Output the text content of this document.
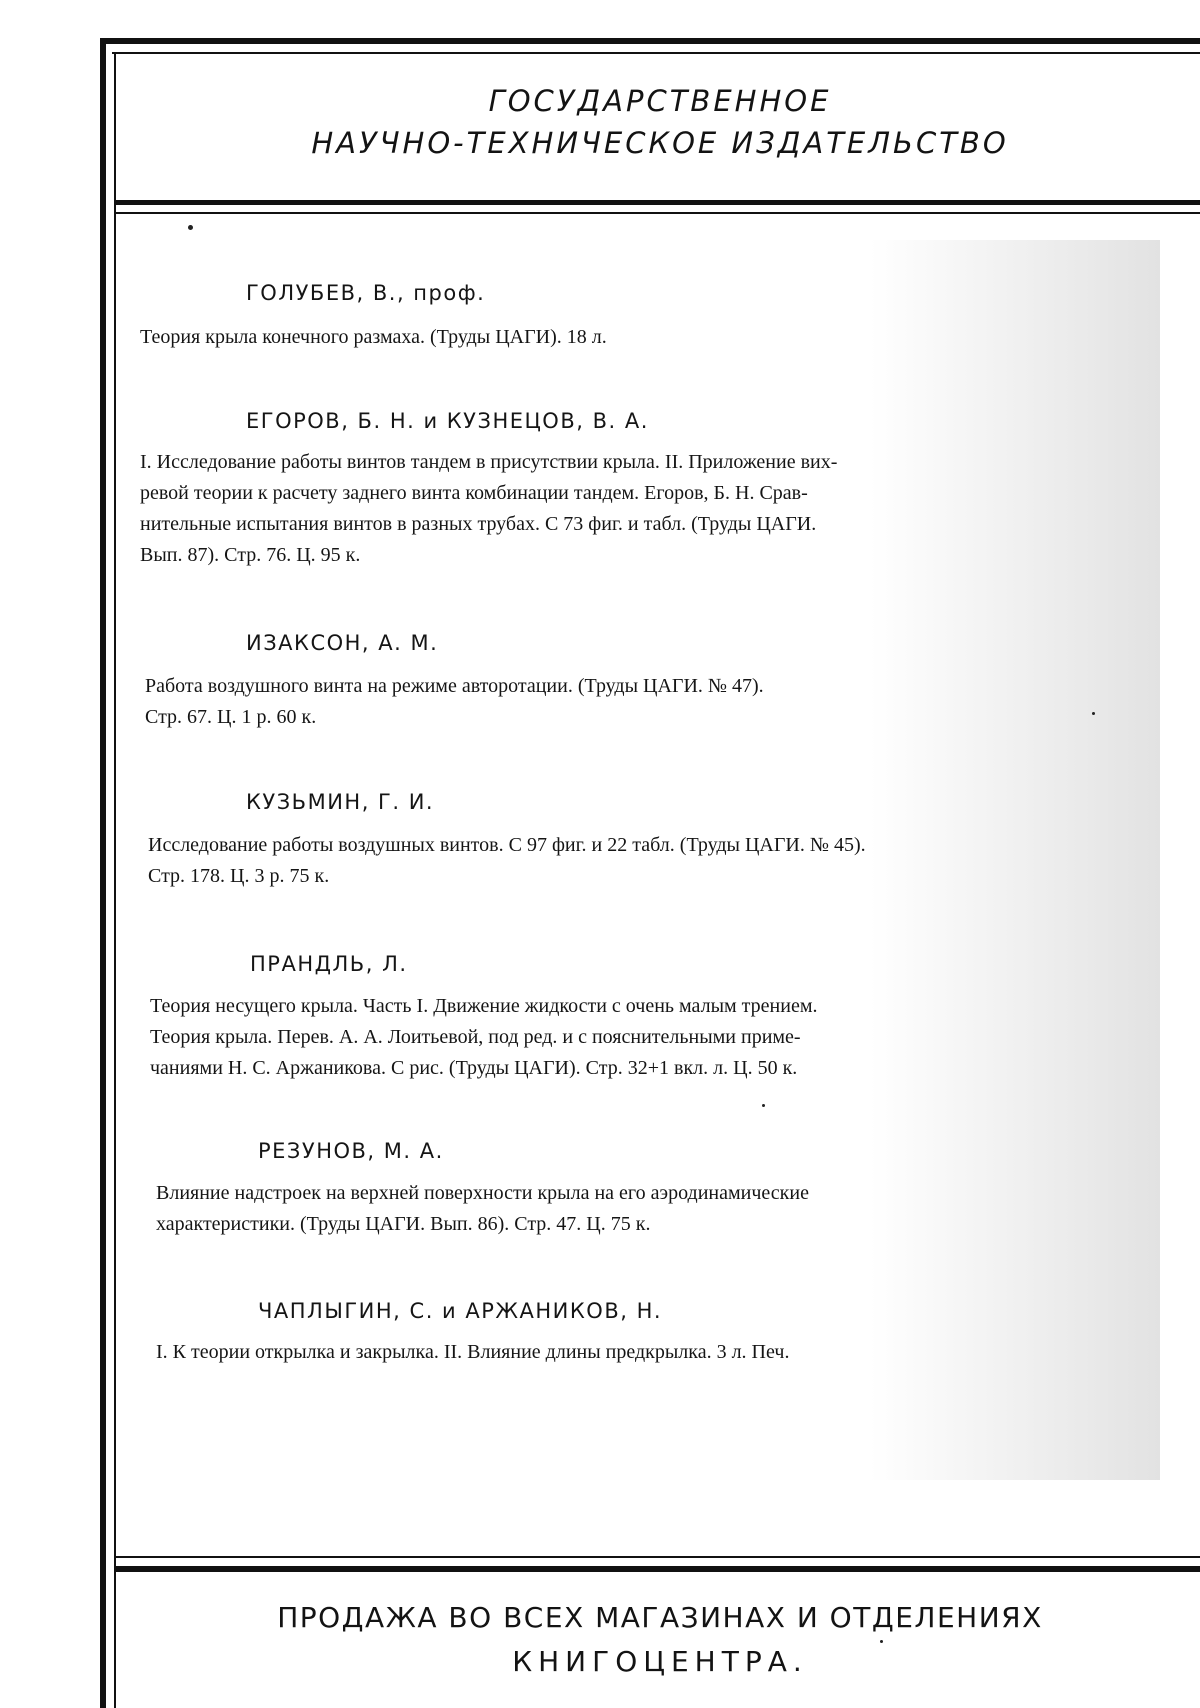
ГОСУДАРСТВЕННОЕ
НАУЧНО-ТЕХНИЧЕСКОЕ ИЗДАТЕЛЬСТВО
ГОЛУБЕВ, В., проф.
Теория крыла конечного размаха. (Труды ЦАГИ). 18 л.
ЕГОРОВ, Б. Н. и КУЗНЕЦОВ, В. А.
I. Исследование работы винтов тандем в присутствии крыла. II. Приложение вих-
ревой теории к расчету заднего винта комбинации тандем. Егоров, Б. Н. Срав-
нительные испытания винтов в разных трубах. С 73 фиг. и табл. (Труды ЦАГИ.
Вып. 87). Стр. 76. Ц. 95 к.
ИЗАКСОН, А. М.
Работа воздушного винта на режиме авторотации. (Труды ЦАГИ. № 47).
Стр. 67. Ц. 1 р. 60 к.
КУЗЬМИН, Г. И.
Исследование работы воздушных винтов. С 97 фиг. и 22 табл. (Труды ЦАГИ. № 45).
Стр. 178. Ц. 3 р. 75 к.
ПРАНДЛЬ, Л.
Теория несущего крыла. Часть I. Движение жидкости с очень малым трением.
Теория крыла. Перев. А. А. Лоитьевой, под ред. и с пояснительными приме-
чаниями Н. С. Аржаникова. С рис. (Труды ЦАГИ). Стр. 32+1 вкл. л. Ц. 50 к.
РЕЗУНОВ, М. А.
Влияние надстроек на верхней поверхности крыла на его аэродинамические
характеристики. (Труды ЦАГИ. Вып. 86). Стр. 47. Ц. 75 к.
ЧАПЛЫГИН, С. и АРЖАНИКОВ, Н.
I. К теории открылка и закрылка. II. Влияние длины предкрылка. 3 л. Печ.
ПРОДАЖА ВО ВСЕХ МАГАЗИНАХ И ОТДЕЛЕНИЯХ
КНИГОЦЕНТРА.
